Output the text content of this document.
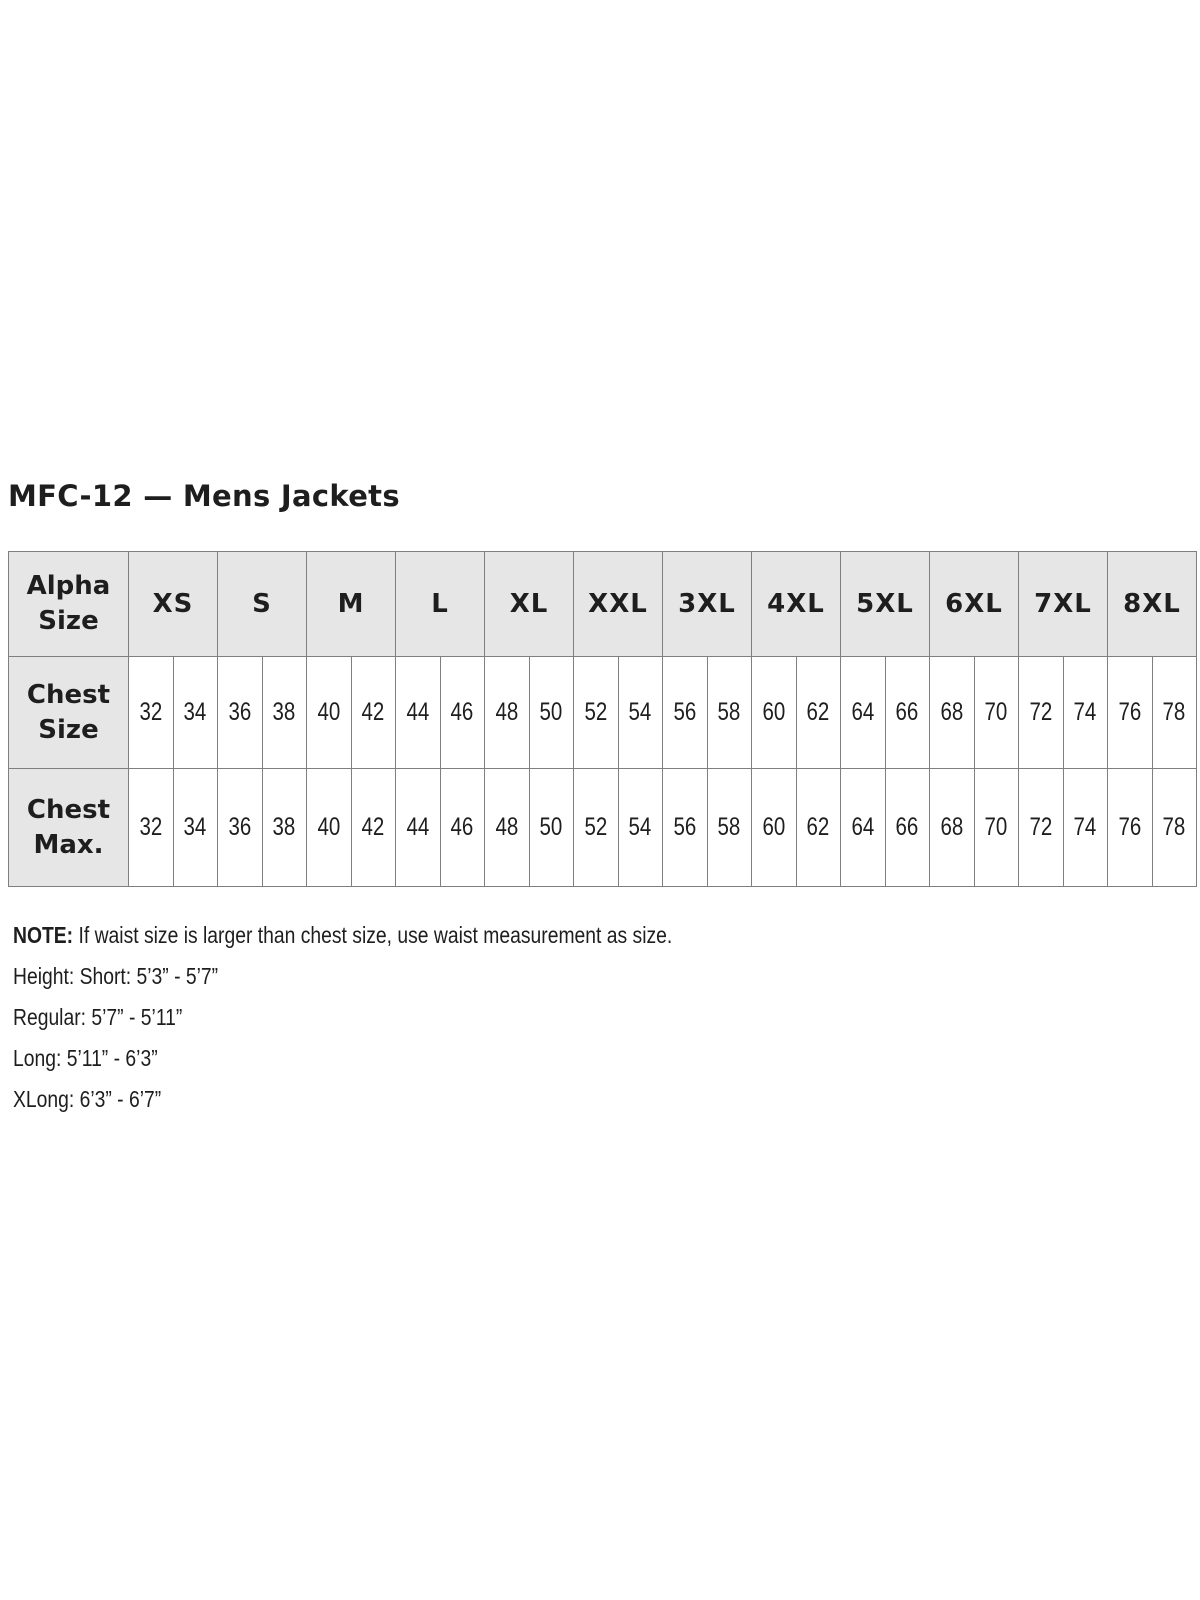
MFC-12 — Mens Jackets
Alpha
Size	XS		S		M		L		XL		XXL		3XL		4XL		5XL		6XL		7XL		8XL	

Chest
Size	32	34	36	38	40	42	44	46	48	50	52	54	56	58	60	62	64	66	68	70	72	74	76	78

Chest
Max.	32	34	36	38	40	42	44	46	48	50	52	54	56	58	60	62	64	66	68	70	72	74	76	78
NOTE: If waist size is larger than chest size, use waist measurement as size.
Height: Short: 5’3” - 5’7”
Regular: 5’7” - 5’11”
Long: 5’11” - 6’3”
XLong: 6’3” - 6’7”
